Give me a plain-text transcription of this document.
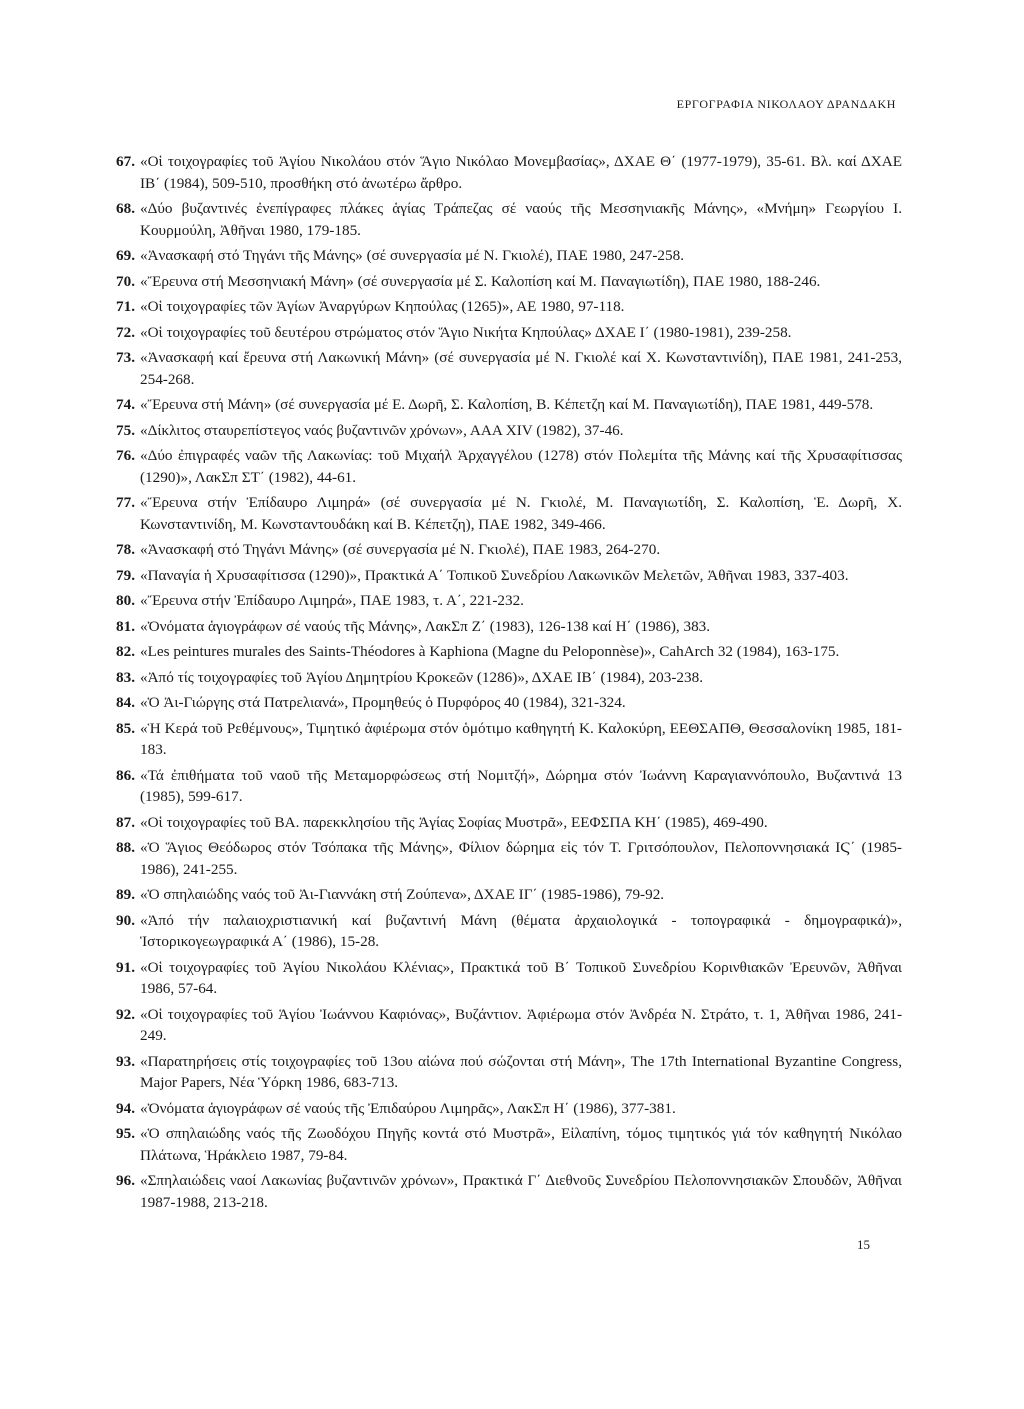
ΕΡΓΟΓΡΑΦΙΑ ΝΙΚΟΛΑΟΥ ΔΡΑΝΔΑΚΗ
67. «Οἱ τοιχογραφίες τοῦ Ἁγίου Νικολάου στόν Ἅγιο Νικόλαο Μονεμβασίας», ΔΧΑΕ Θ΄ (1977-1979), 35-61. Βλ. καί ΔΧΑΕ ΙΒ΄ (1984), 509-510, προσθήκη στό ἀνωτέρω ἄρθρο.
68. «Δύο βυζαντινές ἐνεπίγραφες πλάκες ἁγίας Τράπεζας σέ ναούς τῆς Μεσσηνιακῆς Μάνης», «Μνήμη» Γεωργίου Ι. Κουρμούλη, Ἀθῆναι 1980, 179-185.
69. «Ἀνασκαφή στό Τηγάνι τῆς Μάνης» (σέ συνεργασία μέ Ν. Γκιολέ), ΠΑΕ 1980, 247-258.
70. «Ἔρευνα στή Μεσσηνιακή Μάνη» (σέ συνεργασία μέ Σ. Καλοπίση καί Μ. Παναγιωτίδη), ΠΑΕ 1980, 188-246.
71. «Οἱ τοιχογραφίες τῶν Ἁγίων Ἀναργύρων Κηπούλας (1265)», ΑΕ 1980, 97-118.
72. «Οἱ τοιχογραφίες τοῦ δευτέρου στρώματος στόν Ἅγιο Νικήτα Κηπούλας» ΔΧΑΕ Ι΄ (1980-1981), 239-258.
73. «Ἀνασκαφή καί ἔρευνα στή Λακωνική Μάνη» (σέ συνεργασία μέ Ν. Γκιολέ καί Χ. Κωνσταντινίδη), ΠΑΕ 1981, 241-253, 254-268.
74. «Ἔρευνα στή Μάνη» (σέ συνεργασία μέ Ε. Δωρῆ, Σ. Καλοπίση, Β. Κέπετζη καί Μ. Παναγιωτίδη), ΠΑΕ 1981, 449-578.
75. «Δίκλιτος σταυρεπίστεγος ναός βυζαντινῶν χρόνων», ΑΑΑ XIV (1982), 37-46.
76. «Δύο ἐπιγραφές ναῶν τῆς Λακωνίας: τοῦ Μιχαήλ Ἀρχαγγέλου (1278) στόν Πολεμίτα τῆς Μάνης καί τῆς Χρυσαφίτισσας (1290)», ΛακΣπ ΣΤ΄ (1982), 44-61.
77. «Ἔρευνα στήν Ἐπίδαυρο Λιμηρά» (σέ συνεργασία μέ Ν. Γκιολέ, Μ. Παναγιωτίδη, Σ. Καλοπίση, Ἑ. Δωρῆ, Χ. Κωνσταντινίδη, Μ. Κωνσταντουδάκη καί Β. Κέπετζη), ΠΑΕ 1982, 349-466.
78. «Ἀνασκαφή στό Τηγάνι Μάνης» (σέ συνεργασία μέ Ν. Γκιολέ), ΠΑΕ 1983, 264-270.
79. «Παναγία ἡ Χρυσαφίτισσα (1290)», Πρακτικά Α΄ Τοπικοῦ Συνεδρίου Λακωνικῶν Μελετῶν, Ἀθῆναι 1983, 337-403.
80. «Ἔρευνα στήν Ἐπίδαυρο Λιμηρά», ΠΑΕ 1983, τ. Α΄, 221-232.
81. «Ὀνόματα ἁγιογράφων σέ ναούς τῆς Μάνης», ΛακΣπ Ζ΄ (1983), 126-138 καί Η΄ (1986), 383.
82. «Les peintures murales des Saints-Théodores à Kaphiona (Magne du Peloponnèse)», CahArch 32 (1984), 163-175.
83. «Ἀπό τίς τοιχογραφίες τοῦ Ἁγίου Δημητρίου Κροκεῶν (1286)», ΔΧΑΕ ΙΒ΄ (1984), 203-238.
84. «Ὁ Ἀι-Γιώργης στά Πατρελιανά», Προμηθεύς ὁ Πυρφόρος 40 (1984), 321-324.
85. «Ἡ Κερά τοῦ Ρεθέμνους», Τιμητικό ἀφιέρωμα στόν ὁμότιμο καθηγητή Κ. Καλοκύρη, ΕΕΘΣΑΠΘ, Θεσσαλονίκη 1985, 181-183.
86. «Τά ἐπιθήματα τοῦ ναοῦ τῆς Μεταμορφώσεως στή Νομιτζή», Δώρημα στόν Ἰωάννη Καραγιαννόπουλο, Βυζαντινά 13 (1985), 599-617.
87. «Οἱ τοιχογραφίες τοῦ ΒΑ. παρεκκλησίου τῆς Ἁγίας Σοφίας Μυστρᾶ», ΕΕΦΣΠΑ ΚΗ΄ (1985), 469-490.
88. «Ὁ Ἅγιος Θεόδωρος στόν Τσόπακα τῆς Μάνης», Φίλιον δώρημα εἰς τόν Τ. Γριτσόπουλον, Πελοποννησιακά ΙϚ΄ (1985-1986), 241-255.
89. «Ὁ σπηλαιώδης ναός τοῦ Ἀι-Γιαννάκη στή Ζούπενα», ΔΧΑΕ ΙΓ΄ (1985-1986), 79-92.
90. «Ἀπό τήν παλαιοχριστιανική καί βυζαντινή Μάνη (θέματα ἀρχαιολογικά - τοπογραφικά - δημογραφικά)», Ἱστορικογεωγραφικά Α΄ (1986), 15-28.
91. «Οἱ τοιχογραφίες τοῦ Ἁγίου Νικολάου Κλένιας», Πρακτικά τοῦ Β΄ Τοπικοῦ Συνεδρίου Κορινθιακῶν Ἐρευνῶν, Ἀθῆναι 1986, 57-64.
92. «Οἱ τοιχογραφίες τοῦ Ἁγίου Ἰωάννου Καφιόνας», Βυζάντιον. Ἀφιέρωμα στόν Ἀνδρέα Ν. Στράτο, τ. 1, Ἀθῆναι 1986, 241-249.
93. «Παρατηρήσεις στίς τοιχογραφίες τοῦ 13ου αἰώνα πού σώζονται στή Μάνη», The 17th International Byzantine Congress, Major Papers, Νέα Ὑόρκη 1986, 683-713.
94. «Ὀνόματα ἁγιογράφων σέ ναούς τῆς Ἐπιδαύρου Λιμηρᾶς», ΛακΣπ Η΄ (1986), 377-381.
95. «Ὁ σπηλαιώδης ναός τῆς Ζωοδόχου Πηγῆς κοντά στό Μυστρᾶ», Εἰλαπίνη, τόμος τιμητικός γιά τόν καθηγητή Νικόλαο Πλάτωνα, Ἡράκλειο 1987, 79-84.
96. «Σπηλαιώδεις ναοί Λακωνίας βυζαντινῶν χρόνων», Πρακτικά Γ΄ Διεθνοῦς Συνεδρίου Πελοποννησιακῶν Σπουδῶν, Ἀθῆναι 1987-1988, 213-218.
15
